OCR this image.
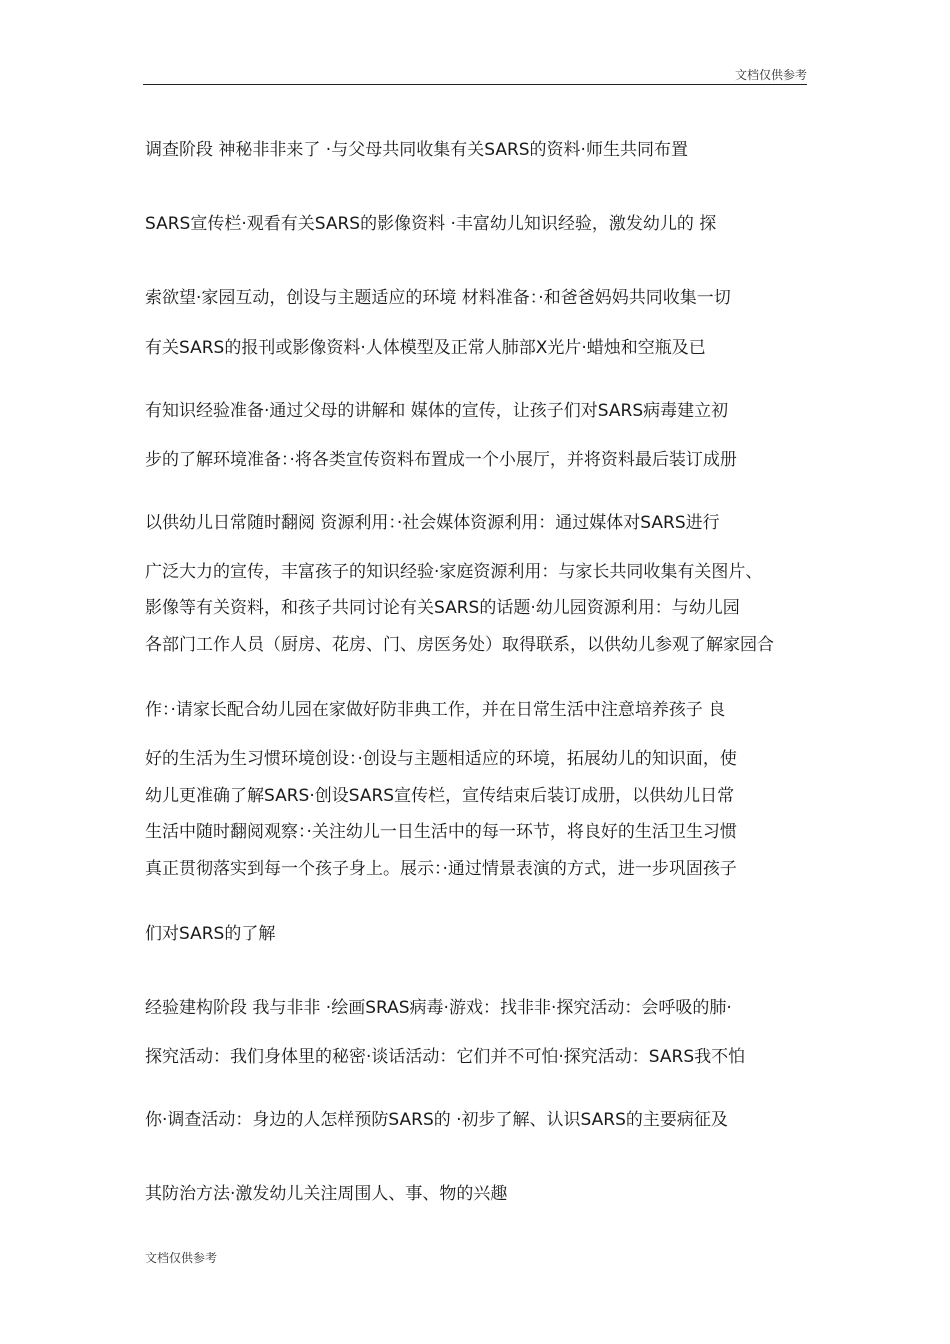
文档仅供参考
调查阶段 神秘非非来了 ·与父母共同收集有关SARS的资料·师生共同布置
SARS宣传栏·观看有关SARS的影像资料 ·丰富幼儿知识经验，激发幼儿的 探
索欲望·家园互动，创设与主题适应的环境 材料准备：·和爸爸妈妈共同收集一切
有关SARS的报刊或影像资料·人体模型及正常人肺部X光片·蜡烛和空瓶及已
有知识经验准备·通过父母的讲解和 媒体的宣传，让孩子们对SARS病毒建立初
步的了解环境准备：·将各类宣传资料布置成一个小展厅，并将资料最后装订成册
以供幼儿日常随时翻阅 资源利用：·社会媒体资源利用：通过媒体对SARS进行
广泛大力的宣传，丰富孩子的知识经验·家庭资源利用：与家长共同收集有关图片、
影像等有关资料，和孩子共同讨论有关SARS的话题·幼儿园资源利用：与幼儿园
各部门工作人员（厨房、花房、门、房医务处）取得联系，以供幼儿参观了解家园合
作：·请家长配合幼儿园在家做好防非典工作，并在日常生活中注意培养孩子 良
好的生活为生习惯环境创设：·创设与主题相适应的环境，拓展幼儿的知识面，使
幼儿更准确了解SARS·创设SARS宣传栏，宣传结束后装订成册，以供幼儿日常
生活中随时翻阅观察：·关注幼儿一日生活中的每一环节，将良好的生活卫生习惯
真正贯彻落实到每一个孩子身上。展示：·通过情景表演的方式，进一步巩固孩子
们对SARS的了解
经验建构阶段 我与非非 ·绘画SRAS病毒·游戏：找非非·探究活动：会呼吸的肺·
探究活动：我们身体里的秘密·谈话活动：它们并不可怕·探究活动：SARS我不怕
你·调查活动：身边的人怎样预防SARS的 ·初步了解、认识SARS的主要病征及
其防治方法·激发幼儿关注周围人、事、物的兴趣
文档仅供参考
